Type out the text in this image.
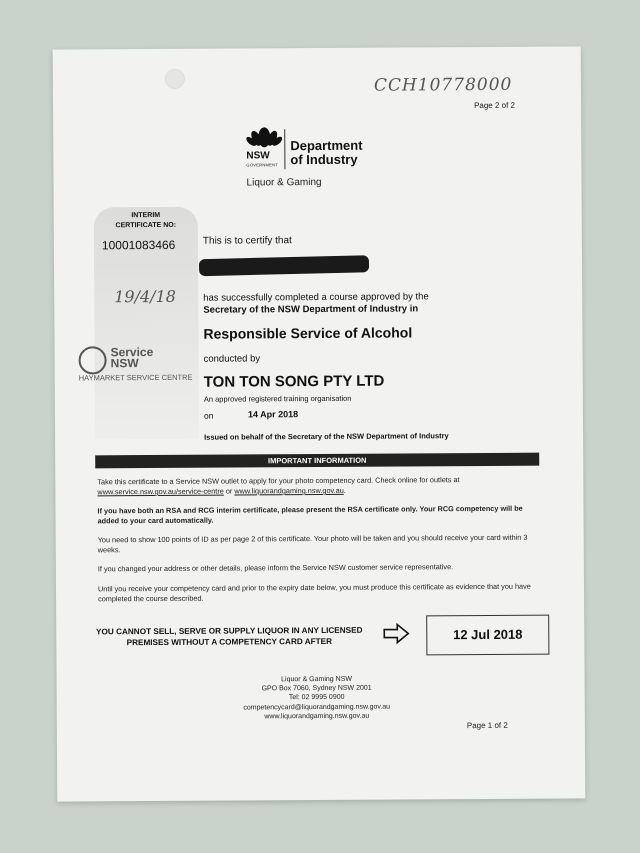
CCH10778000
Page 2 of 2
NSW
GOVERNMENT
Department
of Industry
Liquor & Gaming
INTERIM
CERTIFICATE NO:
10001083466
19/4/18
Service
NSW
HAYMARKET SERVICE CENTRE
This is to certify that
has successfully completed a course approved by the
Secretary of the NSW Department of Industry in
Responsible Service of Alcohol
conducted by
TON TON SONG PTY LTD
An approved registered training organisation
on	14 Apr 2018
Issued on behalf of the Secretary of the NSW Department of Industry
IMPORTANT INFORMATION
Take this certificate to a Service NSW outlet to apply for your photo competency card. Check online for outlets at www.service.nsw.gov.au/service-centre or www.liquorandgaming.nsw.gov.au.
If you have both an RSA and RCG interim certificate, please present the RSA certificate only. Your RCG competency will be added to your card automatically.
You need to show 100 points of ID as per page 2 of this certificate. Your photo will be taken and you should receive your card within 3 weeks.
If you changed your address or other details, please inform the Service NSW customer service representative.
Until you receive your competency card and prior to the expiry date below, you must produce this certificate as evidence that you have completed the course described.
YOU CANNOT SELL, SERVE OR SUPPLY LIQUOR IN ANY LICENSED
PREMISES WITHOUT A COMPETENCY CARD AFTER	12 Jul 2018
Liquor & Gaming NSW
GPO Box 7060, Sydney NSW 2001
Tel: 02 9995 0900
competencycard@liquorandgaming.nsw.gov.au
www.liquorandgaming.nsw.gov.au
Page 1 of 2
